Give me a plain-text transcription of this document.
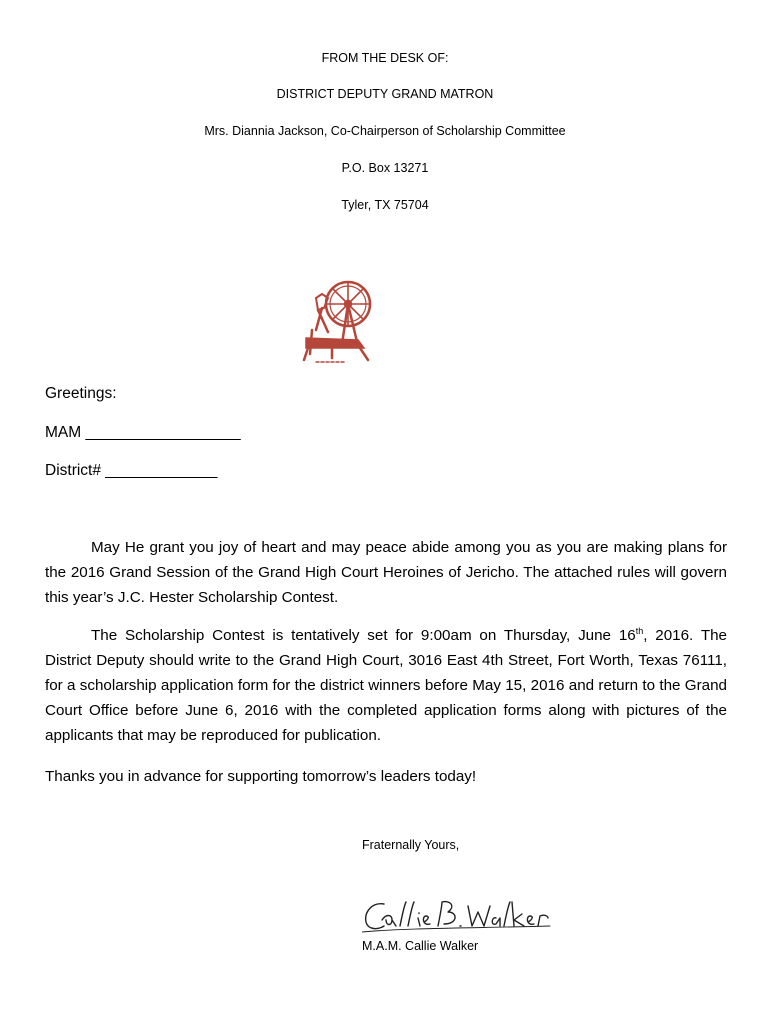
FROM THE DESK OF:
DISTRICT DEPUTY GRAND MATRON
Mrs. Diannia Jackson, Co-Chairperson of Scholarship Committee
P.O. Box 13271
Tyler, TX 75704
Greetings:
MAM __________________
District# _____________
May He grant you joy of heart and may peace abide among you as you are making plans for the 2016 Grand Session of the Grand High Court Heroines of Jericho. The attached rules will govern this year’s J.C. Hester Scholarship Contest.
The Scholarship Contest is tentatively set for 9:00am on Thursday, June 16th, 2016. The District Deputy should write to the Grand High Court, 3016 East 4th Street, Fort Worth, Texas 76111, for a scholarship application form for the district winners before May 15, 2016 and return to the Grand Court Office before June 6, 2016 with the completed application forms along with pictures of the applicants that may be reproduced for publication.
Thanks you in advance for supporting tomorrow’s leaders today!
Fraternally Yours,
M.A.M. Callie Walker
